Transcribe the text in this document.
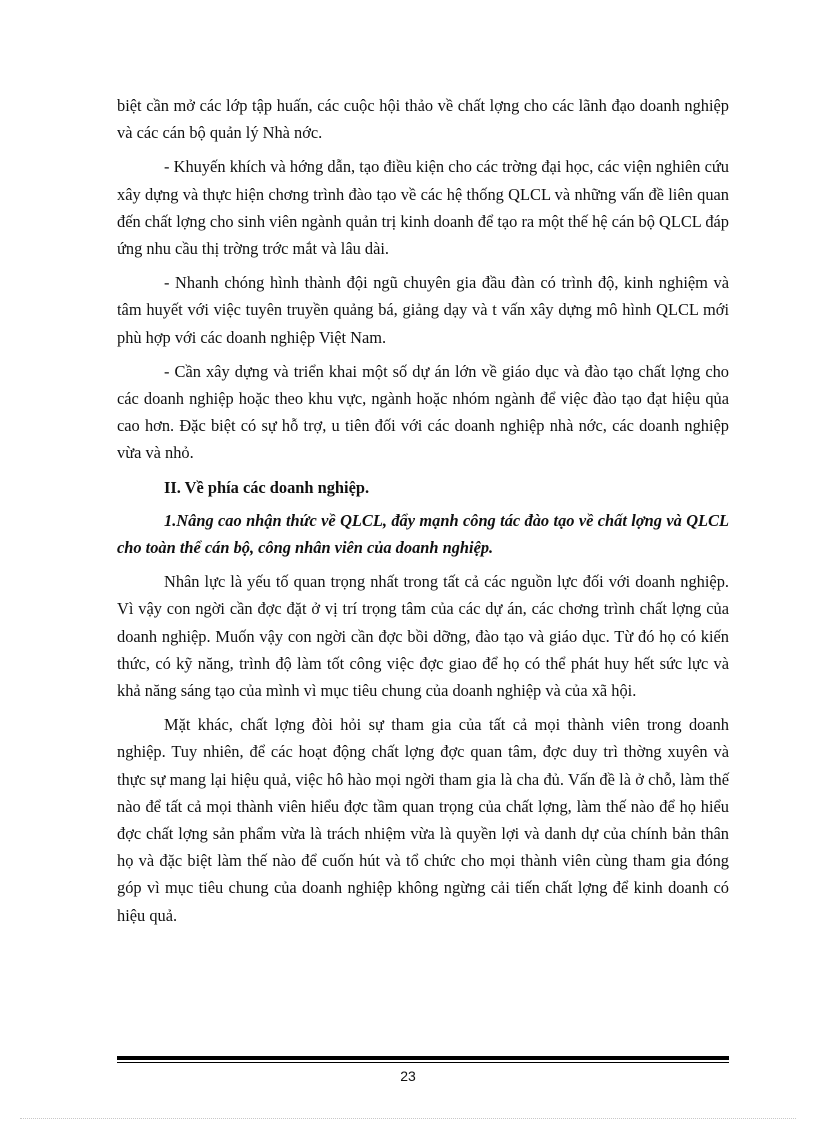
biệt cần mở các lớp tập huấn, các cuộc hội thảo về chất lợng cho các lãnh đạo doanh nghiệp và các cán bộ quản lý Nhà nớc.

- Khuyến khích và hớng dẫn, tạo điều kiện cho các trờng đại học, các viện nghiên cứu xây dựng và thực hiện chơng trình đào tạo về các hệ thống QLCL và những vấn đề liên quan đến chất lợng cho sinh viên ngành quản trị kinh doanh để tạo ra một thế hệ cán bộ QLCL đáp ứng nhu cầu thị trờng trớc mắt và lâu dài.

- Nhanh chóng hình thành đội ngũ chuyên gia đầu đàn có trình độ, kinh nghiệm và tâm huyết với việc tuyên truyền quảng bá, giảng dạy và t vấn xây dựng mô hình QLCL mới phù hợp với các doanh nghiệp Việt Nam.

- Cần xây dựng và triển khai một số dự án lớn về giáo dục và đào tạo chất lợng cho các doanh nghiệp hoặc theo khu vực, ngành hoặc nhóm ngành để việc đào tạo đạt hiệu qủa cao hơn. Đặc biệt có sự hỗ trợ, u tiên đối với các doanh nghiệp nhà nớc, các doanh nghiệp vừa và nhỏ.

II. Về phía các doanh nghiệp.

1.Nâng cao nhận thức về QLCL, đẩy mạnh công tác đào tạo về chất lợng và QLCL cho toàn thể cán bộ, công nhân viên của doanh nghiệp.

Nhân lực là yếu tố quan trọng nhất trong tất cả các nguồn lực đối với doanh nghiệp. Vì vậy con ngời cần đợc đặt ở vị trí trọng tâm của các dự án, các chơng trình chất lợng của doanh nghiệp. Muốn vậy con ngời cần đợc bồi dỡng, đào tạo và giáo dục. Từ đó họ có kiến thức, có kỹ năng, trình độ làm tốt công việc đợc giao để họ có thể phát huy hết sức lực và khả năng sáng tạo của mình vì mục tiêu chung của doanh nghiệp và của xã hội.

Mặt khác, chất lợng đòi hỏi sự tham gia của tất cả mọi thành viên trong doanh nghiệp. Tuy nhiên, để các hoạt động chất lợng đợc quan tâm, đợc duy trì thờng xuyên và thực sự mang lại hiệu quả, việc hô hào mọi ngời tham gia là cha đủ. Vấn đề là ở chỗ, làm thế nào để tất cả mọi thành viên hiểu đợc tầm quan trọng của chất lợng, làm thế nào để họ hiểu đợc chất lợng sản phẩm vừa là trách nhiệm vừa là quyền lợi và danh dự của chính bản thân họ và đặc biệt làm thế nào để cuốn hút và tổ chức cho mọi thành viên cùng tham gia đóng góp vì mục tiêu chung của doanh nghiệp không ngừng cải tiến chất lợng để kinh doanh có hiệu quả.

23
